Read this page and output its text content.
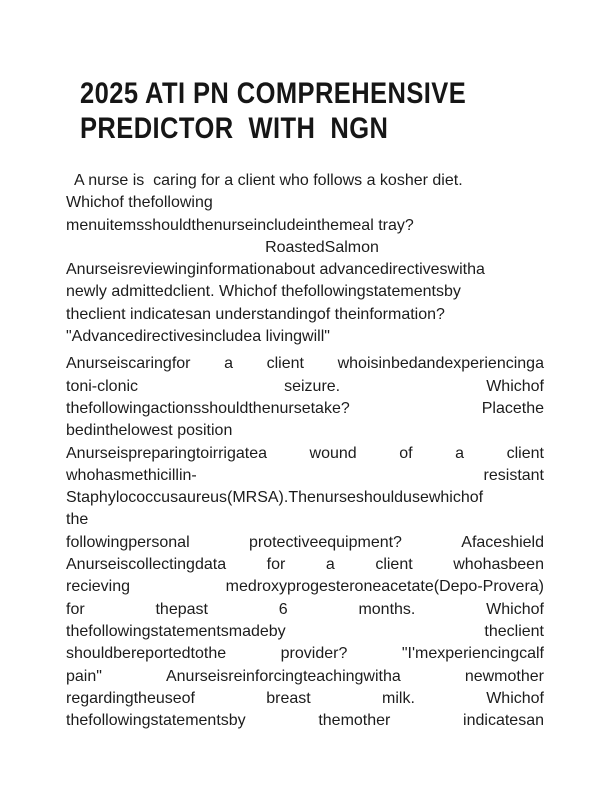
2025 ATI PN COMPREHENSIVE
PREDICTOR  WITH  NGN
A nurse is  caring for a client who follows a kosher diet.
Whichof thefollowing
menuitemsshouldthenurseincludeinthemeal tray?
RoastedSalmon
Anurseisreviewinginformationabout advancedirectiveswitha
newly admittedclient. Whichof thefollowingstatementsby
theclient indicatesan understandingof theinformation?
"Advancedirectivesincludea livingwill"
Anurseiscaringfor a client whoisinbedandexperiencinga
toni-clonic	seizure.	Whichof
thefollowingactionsshouldthenursetake?	Placethe
bedinthelowest position
Anurseispreparingtoirrigatea	wound	of	a	client
whohasmethicillin-	resistant
Staphylococcusaureus(MRSA).Thenurseshouldusewhichof
the
followingpersonal	protectiveequipment?	Afaceshield
Anurseiscollectingdata	for	a	client	whohasbeen
recieving	medroxyprogesteroneacetate(Depo-Provera)
for	thepast	6	months.	Whichof
thefollowingstatementsmadeby	theclient
shouldbereportedtothe	provider?	"I'mexperiencingcalf
pain"	Anurseisreinforcingteachingwitha	newmother
regardingtheuseof	breast	milk.	Whichof
thefollowingstatementsby	themother	indicatesan
